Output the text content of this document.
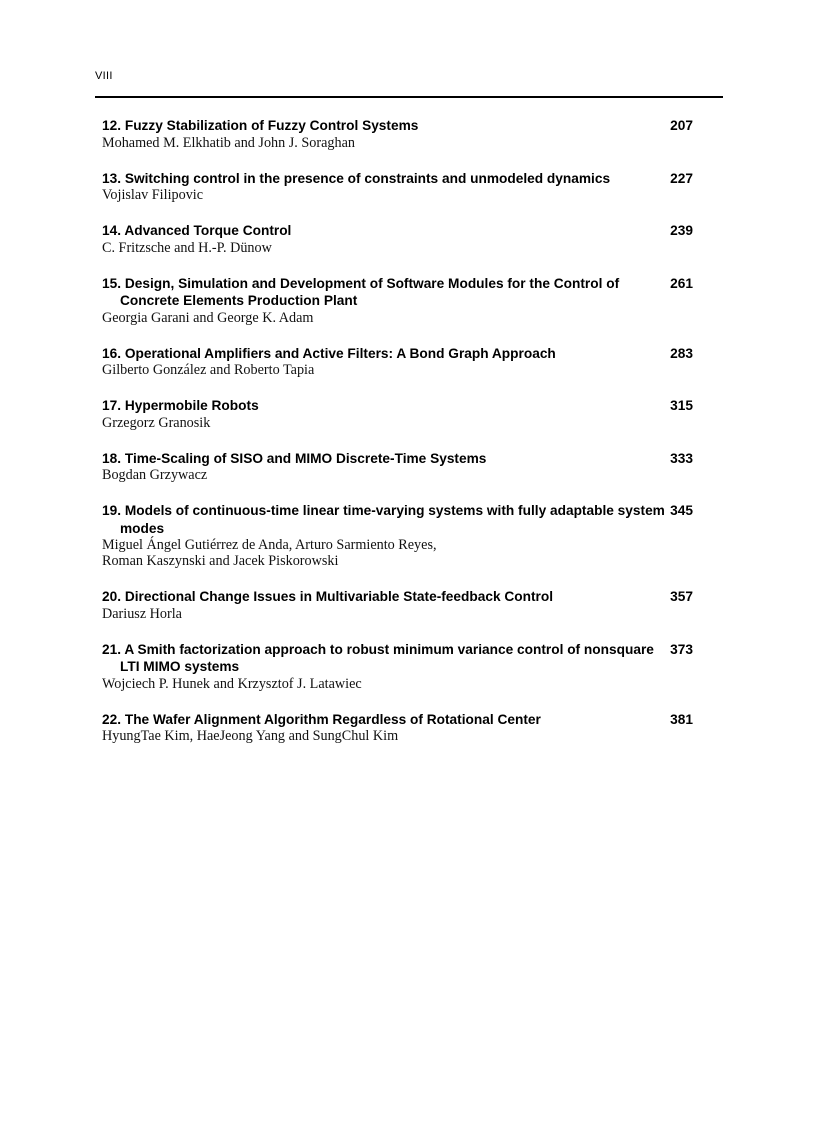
VIII
12. Fuzzy Stabilization of Fuzzy Control Systems
Mohamed M. Elkhatib and John J. Soraghan
207
13. Switching control in the presence of constraints and unmodeled dynamics
Vojislav Filipovic
227
14. Advanced Torque Control
C. Fritzsche and H.-P. Dünow
239
15. Design, Simulation and Development of Software Modules for the Control of Concrete Elements Production Plant
Georgia Garani and George K. Adam
261
16. Operational Amplifiers and Active Filters: A Bond Graph Approach
Gilberto González and Roberto Tapia
283
17. Hypermobile Robots
Grzegorz Granosik
315
18. Time-Scaling of SISO and MIMO Discrete-Time Systems
Bogdan Grzywacz
333
19. Models of continuous-time linear time-varying systems with fully adaptable system modes
Miguel Ángel Gutiérrez de Anda, Arturo Sarmiento Reyes,
Roman Kaszynski and Jacek Piskorowski
345
20. Directional Change Issues in Multivariable State-feedback Control
Dariusz Horla
357
21. A Smith factorization approach to robust minimum variance control of nonsquare LTI MIMO systems
Wojciech P. Hunek and Krzysztof J. Latawiec
373
22. The Wafer Alignment Algorithm Regardless of Rotational Center
HyungTae Kim, HaeJeong Yang and SungChul Kim
381
